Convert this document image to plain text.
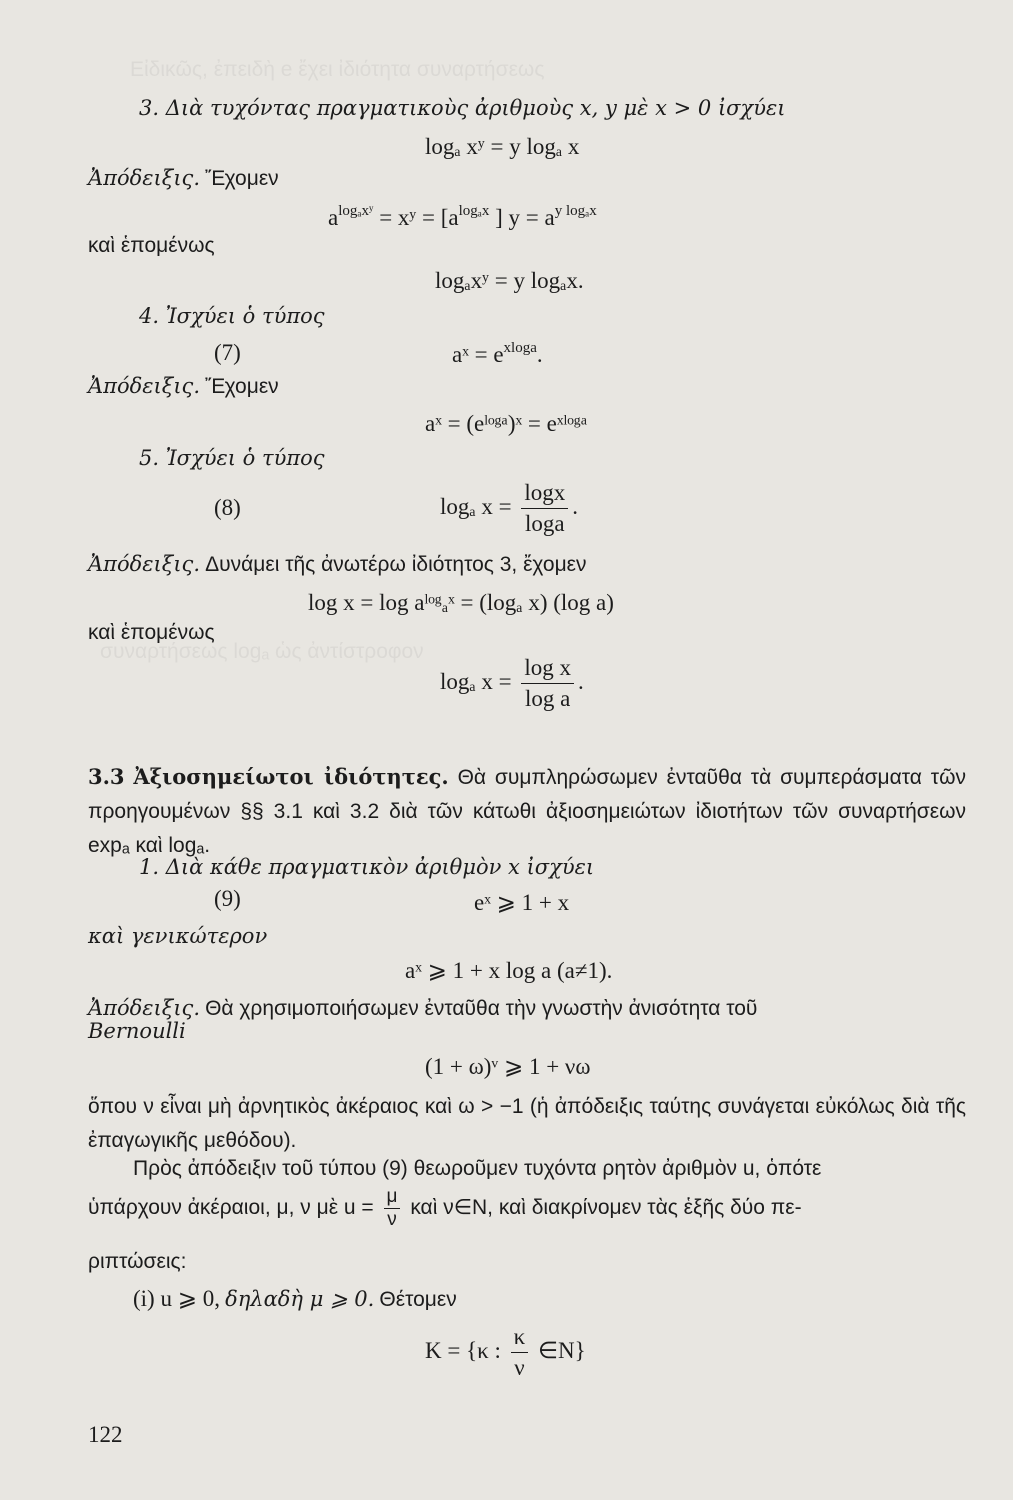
Εἰδικῶς, ἐπειδὴ e ἔχει ἰδιότητα συναρτήσεως
συναρτήσεως logₐ ὡς ἀντίστροφον
3. Διὰ τυχόντας πραγματικοὺς ἀριθμοὺς x, y μὲ x > 0 ἰσχύει
logₐ xʸ = y logₐ x
Ἀπόδειξις. Ἔχομεν
$a^{log_axʸ}$ = xʸ = [$a^{log_ax}$ ] $y = a^{y log_ax}$
καὶ ἑπομένως
logₐxʸ = y logₐx.
4. Ἰσχύει ὁ τύπος
(7)	aˣ = $e^{xloga}$.
Ἀπόδειξις. Ἔχομεν
aˣ = (eˡᵒᵍᵃ)ˣ = eˣˡᵒᵍᵃ
5. Ἰσχύει ὁ τύπος
(8)	logₐ $x = \frac{\log x}{\log a}$ .
Ἀπόδειξις. Δυνάμει τῆς ἀνωτέρω ἰδιότητος 3, ἔχομεν
log x = log aˡᵒᵍₐˣ = (logₐ x) (log a)
καὶ ἑπομένως
logₐ $x = \frac{\text{log x}}{\text{log a}}$ .
3.3 Ἀξιοσημείωτοι ἰδιότητες. Θὰ συμπληρώσωμεν ἐνταῦθα τὰ συμπεράσματα τῶν προηγουμένων §§ 3.1 καὶ 3.2 διὰ τῶν κάτωθι ἀξιοσημειώτων ἰδιοτήτων τῶν συναρτήσεων expₐ καὶ logₐ.
1. Διὰ κάθε πραγματικὸν ἀριθμὸν x ἰσχύει
(9)	eˣ ⩾ 1 + x
καὶ γενικώτερον
aˣ ⩾ 1 + x log a (a≠1).
Ἀπόδειξις. Θὰ χρησιμοποιήσωμεν ἐνταῦθα τὴν γνωστὴν ἀνισότητα τοῦ
Bernoulli
(1 + ω)ᵛ ⩾ 1 + νω
ὅπου ν εἶναι μὴ ἀρνητικὸς ἀκέραιος καὶ ω > −1 (ἡ ἀπόδειξις ταύτης συνάγεται εὐκόλως διὰ τῆς ἐπαγωγικῆς μεθόδου).
Πρὸς ἀπόδειξιν τοῦ τύπου (9) θεωροῦμεν τυχόντα ρητὸν ἀριθμὸν u, ὁπότε
ὑπάρχουν ἀκέραιοι, μ, ν μὲ $u = \frac{\mu}{\nu}$ καὶ ν∈N, καὶ διακρίνομεν τὰς ἑξῆς δύο πε-
ριπτώσεις:
(i) u ⩾ 0, δηλαδὴ μ ⩾ 0. Θέτομεν
K = {κ : $\frac{\kappa}{\nu}$ ∈N}
122
